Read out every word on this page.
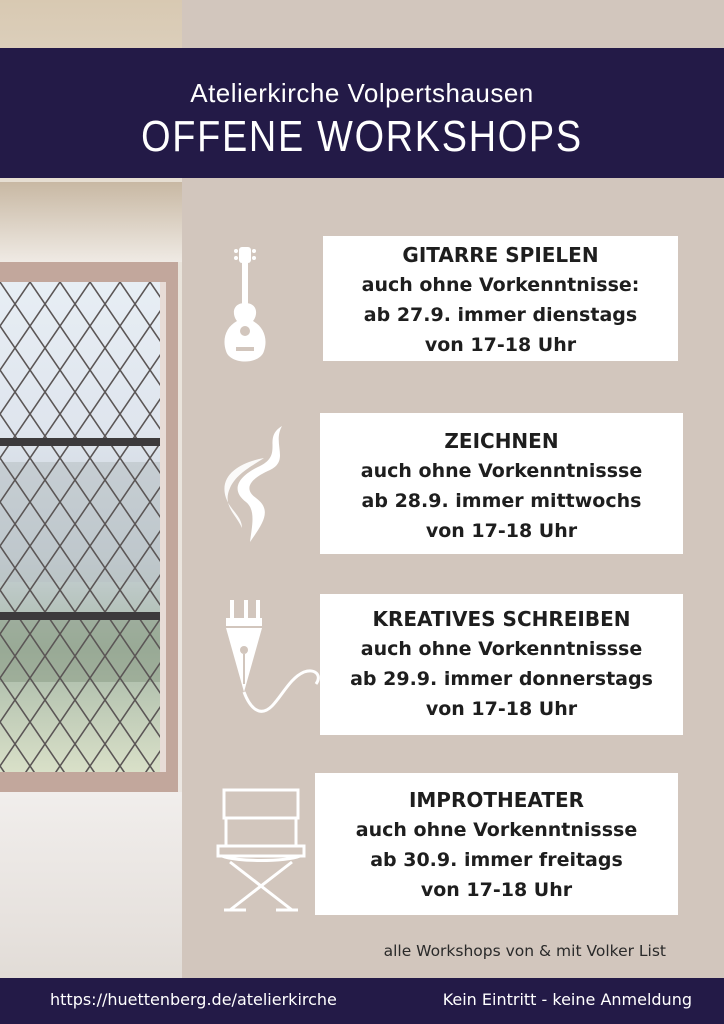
Atelierkirche Volpertshausen
OFFENE WORKSHOPS
GITARRE SPIELEN
auch ohne Vorkenntnisse:
ab 27.9. immer dienstags
von 17-18 Uhr
ZEICHNEN
auch ohne Vorkenntnissse
ab 28.9. immer mittwochs
von 17-18 Uhr
KREATIVES SCHREIBEN
auch ohne Vorkenntnissse
ab 29.9. immer donnerstags
von 17-18 Uhr
IMPROTHEATER
auch ohne Vorkenntnissse
ab 30.9. immer freitags
von 17-18 Uhr
alle Workshops von & mit Volker List
https://huettenberg.de/atelierkirche	Kein Eintritt - keine Anmeldung
